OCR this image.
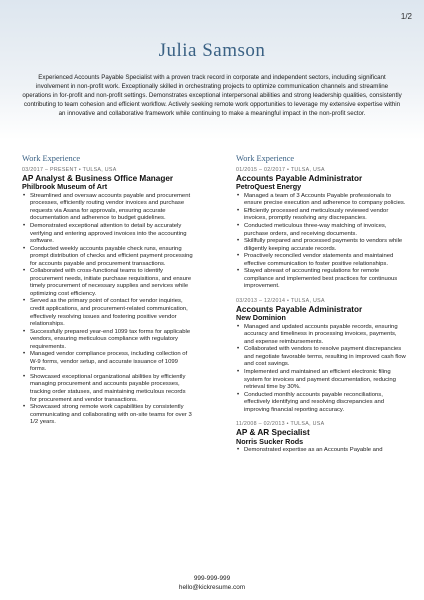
1/2
Julia Samson
Experienced Accounts Payable Specialist with a proven track record in corporate and independent sectors, including significant involvement in non-profit work. Exceptionally skilled in orchestrating projects to optimize communication channels and streamline operations in for-profit and non-profit settings. Demonstrates exceptional interpersonal abilities and strong leadership qualities, consistently contributing to team cohesion and efficient workflow. Actively seeking remote work opportunities to leverage my extensive expertise within an innovative and collaborative framework while continuing to make a meaningful impact in the non-profit sector.
Work Experience
03/2017 – PRESENT • TULSA, USA
AP Analyst & Business Office Manager
Philbrook Museum of Art
• Streamlined and oversaw accounts payable and procurement processes, efficiently routing vendor invoices and purchase requests via Asana for approvals, ensuring accurate documentation and adherence to budget guidelines.
• Demonstrated exceptional attention to detail by accurately verifying and entering approved invoices into the accounting software.
• Conducted weekly accounts payable check runs, ensuring prompt distribution of checks and efficient payment processing for accounts payable and procurement transactions.
• Collaborated with cross-functional teams to identify procurement needs, initiate purchase requisitions, and ensure timely procurement of necessary supplies and services while optimizing cost efficiency.
• Served as the primary point of contact for vendor inquiries, credit applications, and procurement-related communication, effectively resolving issues and fostering positive vendor relationships.
• Successfully prepared year-end 1099 tax forms for applicable vendors, ensuring meticulous compliance with regulatory requirements.
• Managed vendor compliance process, including collection of W-9 forms, vendor setup, and accurate issuance of 1099 forms.
• Showcased exceptional organizational abilities by efficiently managing procurement and accounts payable processes, tracking order statuses, and maintaining meticulous records for procurement and vendor transactions.
• Showcased strong remote work capabilities by consistently communicating and collaborating with on-site teams for over 3 1/2 years.
Work Experience
01/2015 – 02/2017 • TULSA, USA
Accounts Payable Administrator
PetroQuest Energy
• Managed a team of 3 Accounts Payable professionals to ensure precise execution and adherence to company policies.
• Efficiently processed and meticulously reviewed vendor invoices, promptly resolving any discrepancies.
• Conducted meticulous three-way matching of invoices, purchase orders, and receiving documents.
• Skillfully prepared and processed payments to vendors while diligently keeping accurate records.
• Proactively reconciled vendor statements and maintained effective communication to foster positive relationships.
• Stayed abreast of accounting regulations for remote compliance and implemented best practices for continuous improvement.
03/2013 – 12/2014 • TULSA, USA
Accounts Payable Administrator
New Dominion
• Managed and updated accounts payable records, ensuring accuracy and timeliness in processing invoices, payments, and expense reimbursements.
• Collaborated with vendors to resolve payment discrepancies and negotiate favorable terms, resulting in improved cash flow and cost savings.
• Implemented and maintained an efficient electronic filing system for invoices and payment documentation, reducing retrieval time by 30%.
• Conducted monthly accounts payable reconciliations, effectively identifying and resolving discrepancies and improving financial reporting accuracy.
11/2008 – 02/2013 • TULSA, USA
AP & AR Specialist
Norris Sucker Rods
• Demonstrated expertise as an Accounts Payable and
999-999-999
hello@kickresume.com
